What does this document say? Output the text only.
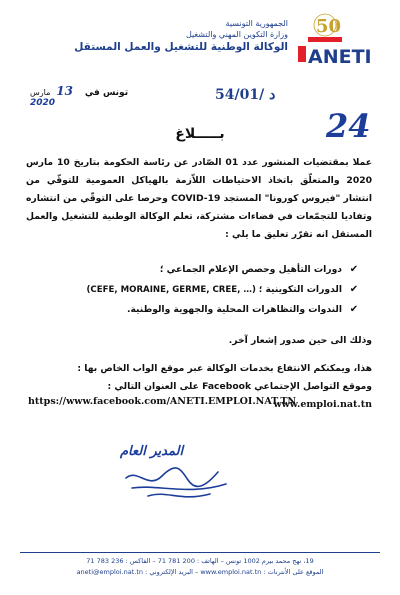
الجمهورية التونسية
وزارة التكوين المهني والتشغيل
الوكالة الوطنية للتشغيل والعمل المستقل
50
ANETI
54/01/ د
24
تونس في 13 مارس 2020
بـــــلاغ

عملا بمقتضيات المنشور عدد 01 الصّادر عن رئاسة الحكومة بتاريخ 10 مارس 2020 والمتعلّق باتخاذ الاحتياطات اللاّزمة بالهياكل العمومية للتوقّي من انتشار "فيروس كورونا" المستجد COVID-19 وحرصا على التوقّي من انتشاره وتفاديا للتجمّعات في فضاءات مشتركة، تعلم الوكالة الوطنية للتشغيل والعمل المستقل انه تقرّر تعليق ما يلي :

✔
دورات التأهيل وحصص الإعلام الجماعي ؛
✔
الدورات التكوينية

(CEFE, MORAINE, GERME, CREE, …) ؛
✔
الندوات والتظاهرات المحلية والجهوية والوطنية.

وذلك الى حين صدور إشعار آخر.

هذا، ويمكنكم الانتفاع بخدمات الوكالة عبر موقع الواب الخاص بها :

وموقع التواصل الإجتماعي Facebook على العنوان التالي : www.emploi.nat.tn

https://www.facebook.com/ANETI.EMPLOI.NAT.TN
المدير العام
19، نهج محمد بيرم 1002 تونس – الهاتف : 200 781 71 – الفاكس : 236 783 71
الموقع على الأنترنات : www.emploi.nat.tn – البريد الإلكتروني : aneti@emploi.nat.tn
